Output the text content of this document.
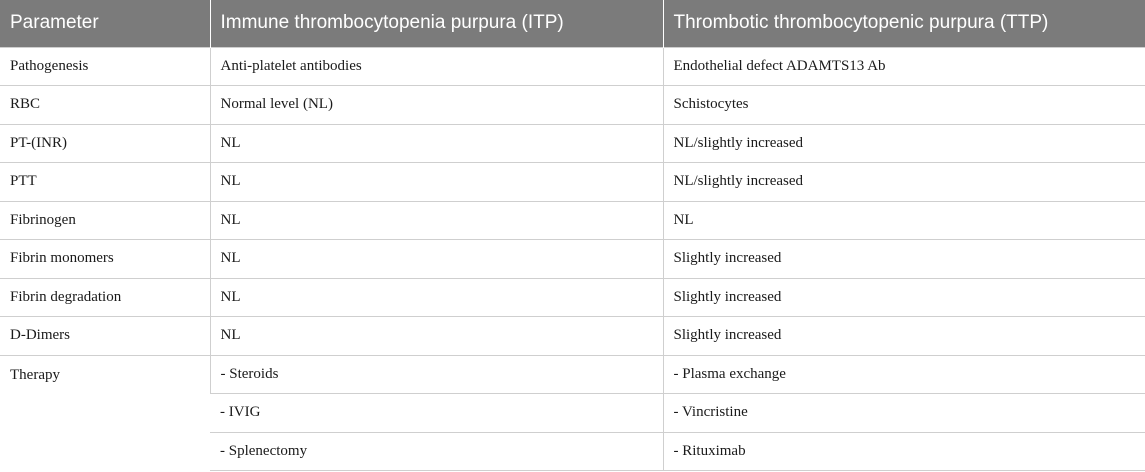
Parameter	Immune thrombocytopenia purpura (ITP)	Thrombotic thrombocytopenic purpura (TTP)
Pathogenesis	Anti-platelet antibodies	Endothelial defect ADAMTS13 Ab
RBC	Normal level (NL)	Schistocytes
PT-(INR)	NL	NL/slightly increased
PTT	NL	NL/slightly increased
Fibrinogen	NL	NL
Fibrin monomers	NL	Slightly increased
Fibrin degradation	NL	Slightly increased
D-Dimers	NL	Slightly increased
Therapy	- Steroids	- Plasma exchange
	- IVIG	- Vincristine
	- Splenectomy	- Rituximab
